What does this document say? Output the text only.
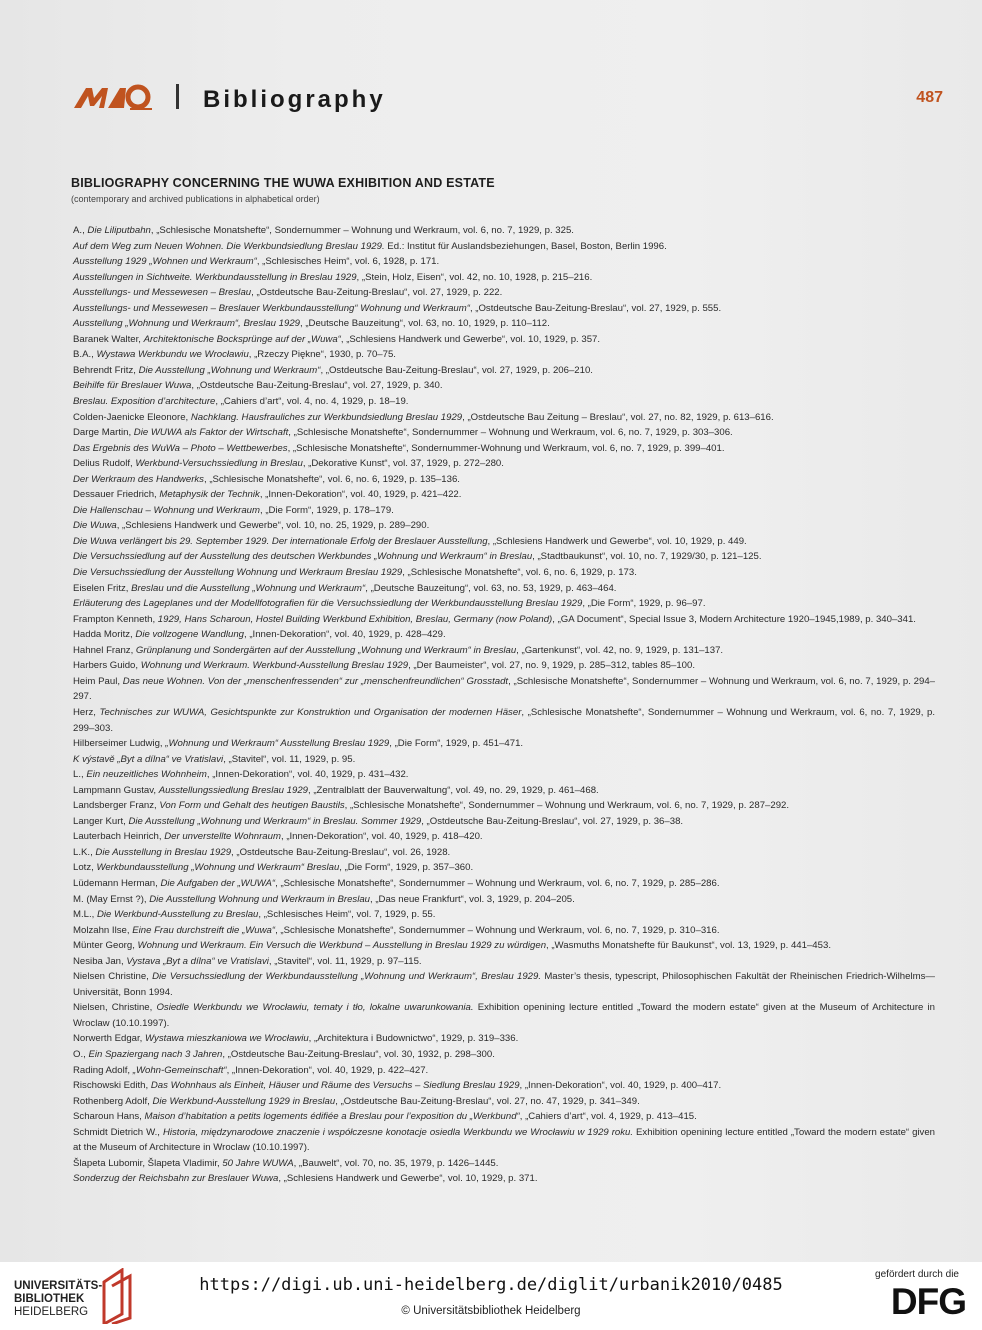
Bibliography	487
BIBLIOGRAPHY CONCERNING THE WUWA EXHIBITION AND ESTATE
(contemporary and archived publications in alphabetical order)

A., Die Liliputbahn, „Schlesische Monatshefte“, Sondernummer – Wohnung und Werkraum, vol. 6, no. 7, 1929, p. 325.

Auf dem Weg zum Neuen Wohnen. Die Werkbundsiedlung Breslau 1929. Ed.: Institut für Auslandsbeziehungen, Basel, Boston, Berlin 1996.

Ausstellung 1929 „Wohnen und Werkraum“, „Schlesisches Heim“, vol. 6, 1928, p. 171.

Ausstellungen in Sichtweite. Werkbundausstellung in Breslau 1929, „Stein, Holz, Eisen“, vol. 42, no. 10, 1928, p. 215–216.

Ausstellungs- und Messewesen – Breslau, „Ostdeutsche Bau-Zeitung-Breslau“, vol. 27, 1929, p. 222.

Ausstellungs- und Messewesen – Breslauer Werkbundausstellung“ Wohnung und Werkraum“, „Ostdeutsche Bau-Zeitung-Breslau“, vol. 27, 1929, p. 555.

Ausstellung „Wohnung und Werkraum“, Breslau 1929, „Deutsche Bauzeitung“, vol. 63, no. 10, 1929, p. 110–112.

Baranek Walter, Architektonische Bocksprünge auf der „Wuwa“, „Schlesiens Handwerk und Gewerbe“, vol. 10, 1929, p. 357.

B.A., Wystawa Werkbundu we Wrocławiu, „Rzeczy Piękne“, 1930, p. 70–75.

Behrendt Fritz, Die Ausstellung „Wohnung und Werkraum“, „Ostdeutsche Bau-Zeitung-Breslau“, vol. 27, 1929, p. 206–210.

Beihilfe für Breslauer Wuwa, „Ostdeutsche Bau-Zeitung-Breslau“, vol. 27, 1929, p. 340.

Breslau. Exposition d’architecture, „Cahiers d’art“, vol. 4, no. 4, 1929, p. 18–19.

Colden-Jaenicke Eleonore, Nachklang. Hausfrauliches zur Werkbundsiedlung Breslau 1929, „Ostdeutsche Bau Zeitung – Breslau“, vol. 27, no. 82, 1929, p. 613–616.

Darge Martin, Die WUWA als Faktor der Wirtschaft, „Schlesische Monatshefte“, Sondernummer – Wohnung und Werkraum, vol. 6, no. 7, 1929, p. 303–306.

Das Ergebnis des WuWa – Photo – Wettbewerbes, „Schlesische Monatshefte“, Sondernummer-Wohnung und Werkraum, vol. 6, no. 7, 1929, p. 399–401.

Delius Rudolf, Werkbund-Versuchssiedlung in Breslau, „Dekorative Kunst“, vol. 37, 1929, p. 272–280.

Der Werkraum des Handwerks, „Schlesische Monatshefte“, vol. 6, no. 6, 1929, p. 135–136.

Dessauer Friedrich, Metaphysik der Technik, „Innen-Dekoration“, vol. 40, 1929, p. 421–422.

Die Hallenschau – Wohnung und Werkraum, „Die Form“, 1929, p. 178–179.

Die Wuwa, „Schlesiens Handwerk und Gewerbe“, vol. 10, no. 25, 1929, p. 289–290.

Die Wuwa verlängert bis 29. September 1929. Der internationale Erfolg der Breslauer Ausstellung, „Schlesiens Handwerk und Gewerbe“, vol. 10, 1929, p. 449.

Die Versuchssiedlung auf der Ausstellung des deutschen Werkbundes „Wohnung und Werkraum“ in Breslau, „Stadtbaukunst“, vol. 10, no. 7, 1929/30, p. 121–125.

Die Versuchssiedlung der Ausstellung Wohnung und Werkraum Breslau 1929, „Schlesische Monatshefte“, vol. 6, no. 6, 1929, p. 173.

Eiselen Fritz, Breslau und die Ausstellung „Wohnung und Werkraum“, „Deutsche Bauzeitung“, vol. 63, no. 53, 1929, p. 463–464.

Erläuterung des Lageplanes und der Modellfotografien für die Versuchssiedlung der Werkbundausstellung Breslau 1929, „Die Form“, 1929, p. 96–97.

Frampton Kenneth, 1929, Hans Scharoun, Hostel Building Werkbund Exhibition, Breslau, Germany (now Poland), „GA Document“, Special Issue 3, Modern Architecture 1920–1945,1989, p. 340–341.

Hadda Moritz, Die vollzogene Wandlung, „Innen-Dekoration“, vol. 40, 1929, p. 428–429.

Hahnel Franz, Grünplanung und Sondergärten auf der Ausstellung „Wohnung und Werkraum“ in Breslau, „Gartenkunst“, vol. 42, no. 9, 1929, p. 131–137.

Harbers Guido, Wohnung und Werkraum. Werkbund-Ausstellung Breslau 1929, „Der Baumeister“, vol. 27, no. 9, 1929, p. 285–312, tables 85–100.

Heim Paul, Das neue Wohnen. Von der „menschenfressenden“ zur „menschenfreundlichen“ Grosstadt, „Schlesische Monatshefte“, Sondernummer – Wohnung und Werkraum, vol. 6, no. 7, 1929, p. 294–297.

Herz, Technisches zur WUWA, Gesichtspunkte zur Konstruktion und Organisation der modernen Häser, „Schlesische Monatshefte“, Sondernummer – Wohnung und Werkraum, vol. 6, no. 7, 1929, p. 299–303.

Hilberseimer Ludwig, „Wohnung und Werkraum“ Ausstellung Breslau 1929, „Die Form“, 1929, p. 451–471.

K výstavě „Byt a dílna“ ve Vratislavi, „Stavitel“, vol. 11, 1929, p. 95.

L., Ein neuzeitliches Wohnheim, „Innen-Dekoration“, vol. 40, 1929, p. 431–432.

Lampmann Gustav, Ausstellungssiedlung Breslau 1929, „Zentralblatt der Bauverwaltung“, vol. 49, no. 29, 1929, p. 461–468.

Landsberger Franz, Von Form und Gehalt des heutigen Baustils, „Schlesische Monatshefte“, Sondernummer – Wohnung und Werkraum, vol. 6, no. 7, 1929, p. 287–292.

Langer Kurt, Die Ausstellung „Wohnung und Werkraum“ in Breslau. Sommer 1929, „Ostdeutsche Bau-Zeitung-Breslau“, vol. 27, 1929, p. 36–38.

Lauterbach Heinrich, Der unverstellte Wohnraum, „Innen-Dekoration“, vol. 40, 1929, p. 418–420.

L.K., Die Ausstellung in Breslau 1929, „Ostdeutsche Bau-Zeitung-Breslau“, vol. 26, 1928.

Lotz, Werkbundausstellung „Wohnung und Werkraum“ Breslau, „Die Form“, 1929, p. 357–360.

Lüdemann Herman, Die Aufgaben der „WUWA“, „Schlesische Monatshefte“, Sondernummer – Wohnung und Werkraum, vol. 6, no. 7, 1929, p. 285–286.

M. (May Ernst ?), Die Ausstellung Wohnung und Werkraum in Breslau, „Das neue Frankfurt“, vol. 3, 1929, p. 204–205.

M.L., Die Werkbund-Ausstellung zu Breslau, „Schlesisches Heim“, vol. 7, 1929, p. 55.

Molzahn Ilse, Eine Frau durchstreift die „Wuwa“, „Schlesische Monatshefte“, Sondernummer – Wohnung und Werkraum, vol. 6, no. 7, 1929, p. 310–316.

Münter Georg, Wohnung und Werkraum. Ein Versuch die Werkbund – Ausstellung in Breslau 1929 zu würdigen, „Wasmuths Monatshefte für Baukunst“, vol. 13, 1929, p. 441–453.

Nesiba Jan, Vystava „Byt a dílna“ ve Vratislavi, „Stavitel“, vol. 11, 1929, p. 97–115.

Nielsen Christine, Die Versuchssiedlung der Werkbundausstellung „Wohnung und Werkraum“, Breslau 1929. Master’s thesis, typescript, Philosophischen Fakultät der Rheinischen Friedrich-Wilhelms—Universität, Bonn 1994.

Nielsen, Christine, Osiedle Werkbundu we Wrocławiu, tematy i tło, lokalne uwarunkowania. Exhibition openining lecture entitled „Toward the modern estate“ given at the Museum of Architecture in Wroclaw (10.10.1997).

Norwerth Edgar, Wystawa mieszkaniowa we Wrocławiu, „Architektura i Budownictwo“, 1929, p. 319–336.

O., Ein Spaziergang nach 3 Jahren, „Ostdeutsche Bau-Zeitung-Breslau“, vol. 30, 1932, p. 298–300.

Rading Adolf, „Wohn-Gemeinschaft“, „Innen-Dekoration“, vol. 40, 1929, p. 422–427.

Rischowski Edith, Das Wohnhaus als Einheit, Häuser und Räume des Versuchs – Siedlung Breslau 1929, „Innen-Dekoration“, vol. 40, 1929, p. 400–417.

Rothenberg Adolf, Die Werkbund-Ausstellung 1929 in Breslau, „Ostdeutsche Bau-Zeitung-Breslau“, vol. 27, no. 47, 1929, p. 341–349.

Scharoun Hans, Maison d’habitation a petits logements édifiée a Breslau pour l’exposition du „Werkbund“, „Cahiers d’art“, vol. 4, 1929, p. 413–415.

Schmidt Dietrich W., Historia, międzynarodowe znaczenie i współczesne konotacje osiedla Werkbundu we Wrocławiu w 1929 roku. Exhibition openining lecture entitled „Toward the modern estate“ given at the Museum of Architecture in Wroclaw (10.10.1997).

Šlapeta Lubomir, Šlapeta Vladimir, 50 Jahre WUWA, „Bauwelt“, vol. 70, no. 35, 1979, p. 1426–1445.

Sonderzug der Reichsbahn zur Breslauer Wuwa, „Schlesiens Handwerk und Gewerbe“, vol. 10, 1929, p. 371.

UNIVERSITÄTS-
BIBLIOTHEK
HEIDELBERG
https://digi.ub.uni-heidelberg.de/diglit/urbanik2010/0485
© Universitätsbibliothek Heidelberg
gefördert durch die
DFG
